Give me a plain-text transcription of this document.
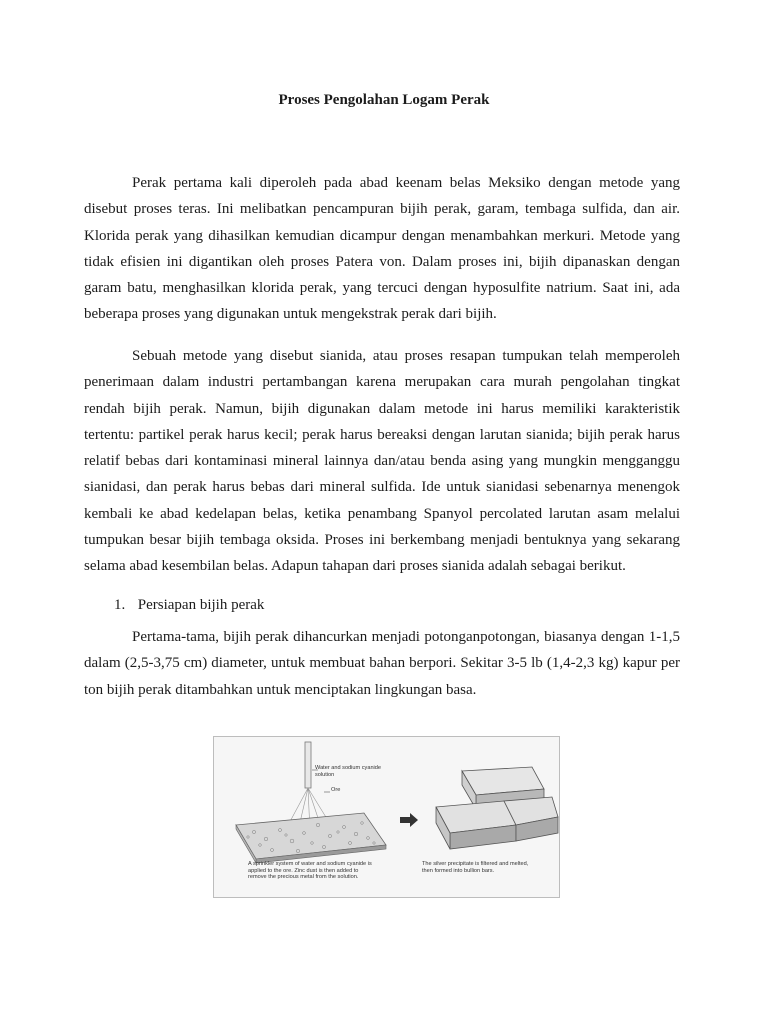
Proses Pengolahan Logam Perak

Perak pertama kali diperoleh pada abad keenam belas Meksiko dengan metode yang disebut proses teras. Ini melibatkan pencampuran bijih perak, garam, tembaga sulfida, dan air. Klorida perak yang dihasilkan kemudian dicampur dengan menambahkan merkuri. Metode yang tidak efisien ini digantikan oleh proses Patera von. Dalam proses ini, bijih dipanaskan dengan garam batu, menghasilkan klorida perak, yang tercuci dengan hyposulfite natrium. Saat ini, ada beberapa proses yang digunakan untuk mengekstrak perak dari bijih.

Sebuah metode yang disebut sianida, atau proses resapan tumpukan telah memperoleh penerimaan dalam industri pertambangan karena merupakan cara murah pengolahan tingkat rendah bijih perak. Namun, bijih digunakan dalam metode ini harus memiliki karakteristik tertentu: partikel perak harus kecil; perak harus bereaksi dengan larutan sianida; bijih perak harus relatif bebas dari kontaminasi mineral lainnya dan/atau benda asing yang mungkin mengganggu sianidasi, dan perak harus bebas dari mineral sulfida. Ide untuk sianidasi sebenarnya menengok kembali ke abad kedelapan belas, ketika penambang Spanyol percolated larutan asam melalui tumpukan besar bijih tembaga oksida. Proses ini berkembang menjadi bentuknya yang sekarang selama abad kesembilan belas. Adapun tahapan dari proses sianida adalah sebagai berikut.

1. Persiapan bijih perak

Pertama-tama, bijih perak dihancurkan menjadi potonganpotongan, biasanya dengan 1-1,5 dalam (2,5-3,75 cm) diameter, untuk membuat bahan berpori. Sekitar 3-5 lb (1,4-2,3 kg) kapur per ton bijih perak ditambahkan untuk menciptakan lingkungan basa.

Water and sodium cyanide solution
Ore
A sprinkler system of water and sodium cyanide is applied to the ore. Zinc dust is then added to remove the precious metal from the solution.
The silver precipitate is filtered and melted, then formed into bullion bars.
